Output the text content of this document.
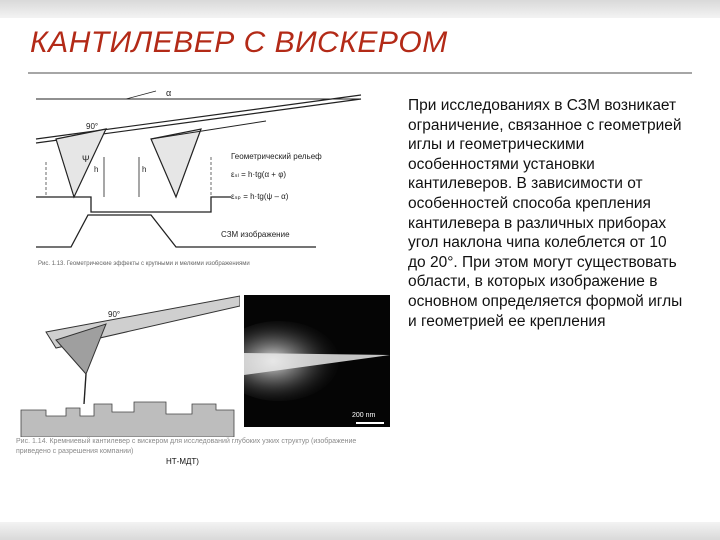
КАНТИЛЕВЕР С ВИСКЕРОМ
При исследованиях в СЗМ возникает ограничение, связанное с геометрией иглы и геометрическими особенностями установки кантилеверов. В зависимости от особенностей способа крепления кантилевера в различных приборах угол наклона чипа колеблется от 10 до 20°. При этом могут существовать области, в которых изображение в основном определяется формой иглы и геометрией ее крепления
α
90°
Ψ
h	h
Геометрический рельеф
εₛₗ = h·tg(α + φ)
εₛₚ = h·tg(ψ – α)
СЗМ изображение
Рис. 1.13. Геометрические эффекты с крупными и мелкими изображениями
90°
200 nm
Рис. 1.14. Кремниевый кантилевер с вискером для исследований глубоких узких структур (изображение приведено с разрешения компании)
НТ-МДТ)
